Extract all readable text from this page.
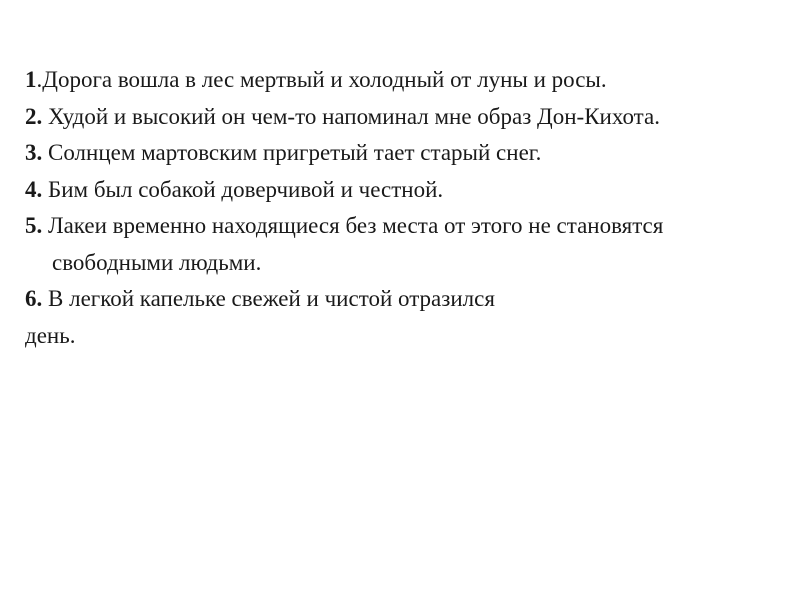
1.Дорога вошла в лес мертвый и холодный от луны и росы.

2. Худой и высокий он чем-то напоминал мне образ Дон-Кихота.

3. Солнцем мартовским пригретый тает старый снег.

4. Бим был собакой доверчивой и честной.

5. Лакеи временно находящиеся без места от этого не становятся свободными людьми.

6. В легкой капельке свежей и чистой отразился
день.
